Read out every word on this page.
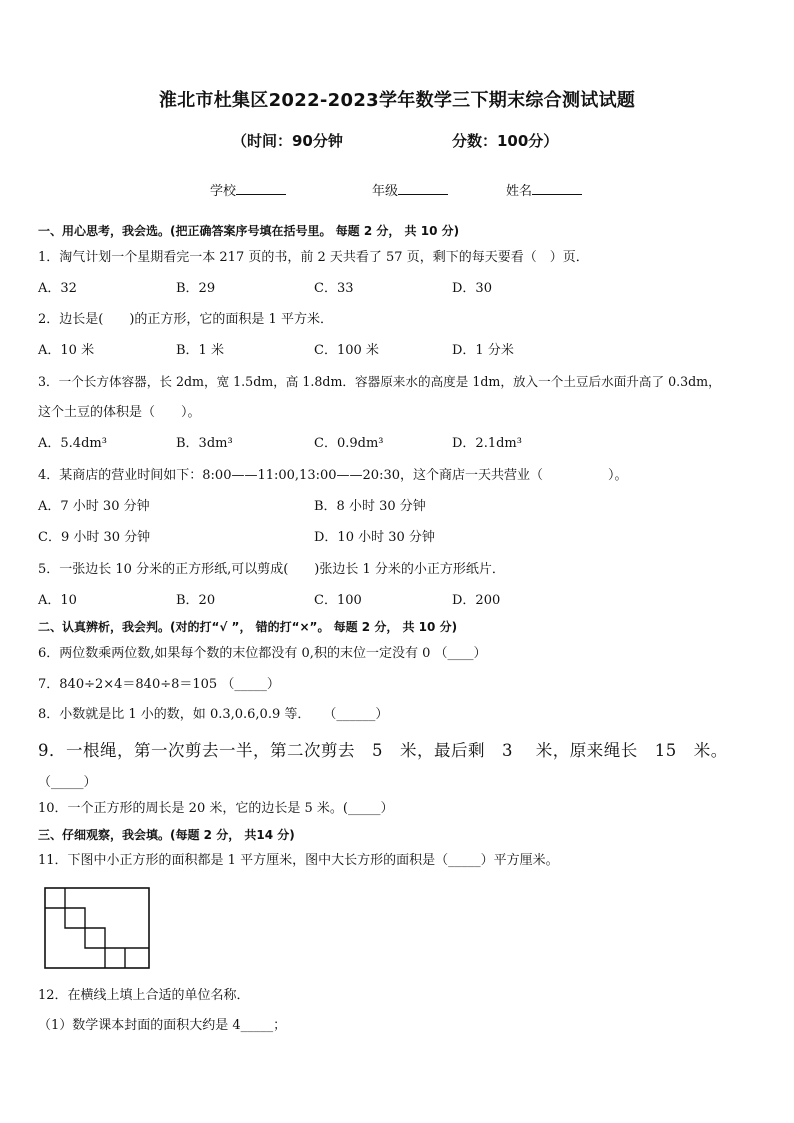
淮北市杜集区2022-2023学年数学三下期末综合测试试题
（时间：90分钟	分数：100分）
学校	年级	姓名
一、用心思考，我会选。(把正确答案序号填在括号里。 每题 2 分， 共 10 分)
1．淘气计划一个星期看完一本 217 页的书，前 2 天共看了 57 页，剩下的每天要看（　）页．
A．32	B．29	C．33	D．30
2．边长是(　　)的正方形，它的面积是 1 平方米．
A．10 米	B．1 米	C．100 米	D．1 分米
3．一个长方体容器，长 2dm，宽 1.5dm，高 1.8dm．容器原来水的高度是 1dm，放入一个土豆后水面升高了 0.3dm，
这个土豆的体积是（　　）。
A．5.4dm³	B．3dm³	C．0.9dm³	D．2.1dm³
4．某商店的营业时间如下：8:00——11:00,13:00——20:30，这个商店一天共营业（　　　　　）。
A．7 小时 30 分钟	B．8 小时 30 分钟
C．9 小时 30 分钟	D．10 小时 30 分钟
5．一张边长 10 分米的正方形纸,可以剪成(　　)张边长 1 分米的小正方形纸片．
A．10	B．20	C．100	D．200
二、认真辨析，我会判。(对的打“√ ”， 错的打“×”。 每题 2 分， 共 10 分)
6．两位数乘两位数,如果每个数的末位都没有 0,积的末位一定没有 0 （____）
7．840÷2×4＝840÷8＝105 （_____）
8．小数就是比 1 小的数，如 0.3,0.6,0.9 等．　　（______）
9．一根绳，第一次剪去一半，第二次剪去　5　米，最后剩　3　 米，原来绳长　15　米。
（_____）
10．一个正方形的周长是 20 米，它的边长是 5 米。(_____）
三、仔细观察，我会填。(每题 2 分， 共14 分)
11．下图中小正方形的面积都是 1 平方厘米，图中大长方形的面积是（_____）平方厘米。
12．在横线上填上合适的单位名称．
（1）数学课本封面的面积大约是 4_____；
